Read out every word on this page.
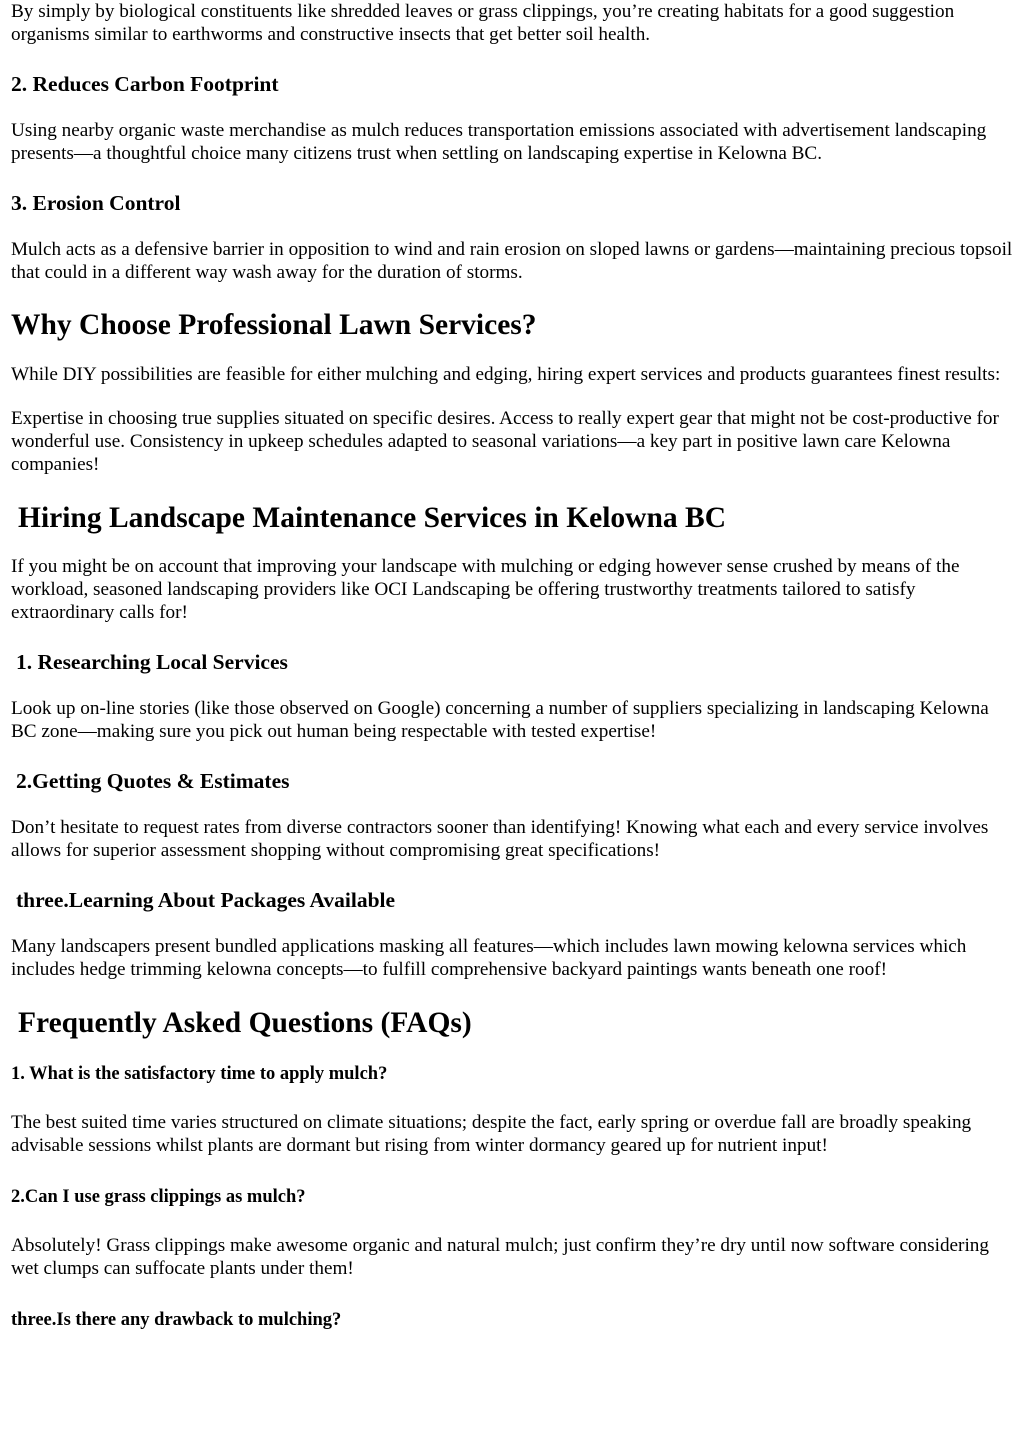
By simply by biological constituents like shredded leaves or grass clippings, you’re creating habitats for a good suggestion organisms similar to earthworms and constructive insects that get better soil health.

2. Reduces Carbon Footprint

Using nearby organic waste merchandise as mulch reduces transportation emissions associated with advertisement landscaping presents—a thoughtful choice many citizens trust when settling on landscaping expertise in Kelowna BC.

3. Erosion Control

Mulch acts as a defensive barrier in opposition to wind and rain erosion on sloped lawns or gardens—maintaining precious topsoil that could in a different way wash away for the duration of storms.

Why Choose Professional Lawn Services?

While DIY possibilities are feasible for either mulching and edging, hiring expert services and products guarantees finest results:

Expertise in choosing true supplies situated on specific desires. Access to really expert gear that might not be cost-productive for wonderful use. Consistency in upkeep schedules adapted to seasonal variations—a key part in positive lawn care Kelowna companies!

Hiring Landscape Maintenance Services in Kelowna BC

If you might be on account that improving your landscape with mulching or edging however sense crushed by means of the workload, seasoned landscaping providers like OCI Landscaping be offering trustworthy treatments tailored to satisfy extraordinary calls for!

1. Researching Local Services

Look up on-line stories (like those observed on Google) concerning a number of suppliers specializing in landscaping Kelowna BC zone—making sure you pick out human being respectable with tested expertise!

2.Getting Quotes & Estimates

Don’t hesitate to request rates from diverse contractors sooner than identifying! Knowing what each and every service involves allows for superior assessment shopping without compromising great specifications!

three.Learning About Packages Available

Many landscapers present bundled applications masking all features—which includes lawn mowing kelowna services which includes hedge trimming kelowna concepts—to fulfill comprehensive backyard paintings wants beneath one roof!

Frequently Asked Questions (FAQs)
1. What is the satisfactory time to apply mulch?

The best suited time varies structured on climate situations; despite the fact, early spring or overdue fall are broadly speaking advisable sessions whilst plants are dormant but rising from winter dormancy geared up for nutrient input!

2.Can I use grass clippings as mulch?

Absolutely! Grass clippings make awesome organic and natural mulch; just confirm they’re dry until now software considering wet clumps can suffocate plants under them!

three.Is there any drawback to mulching?
